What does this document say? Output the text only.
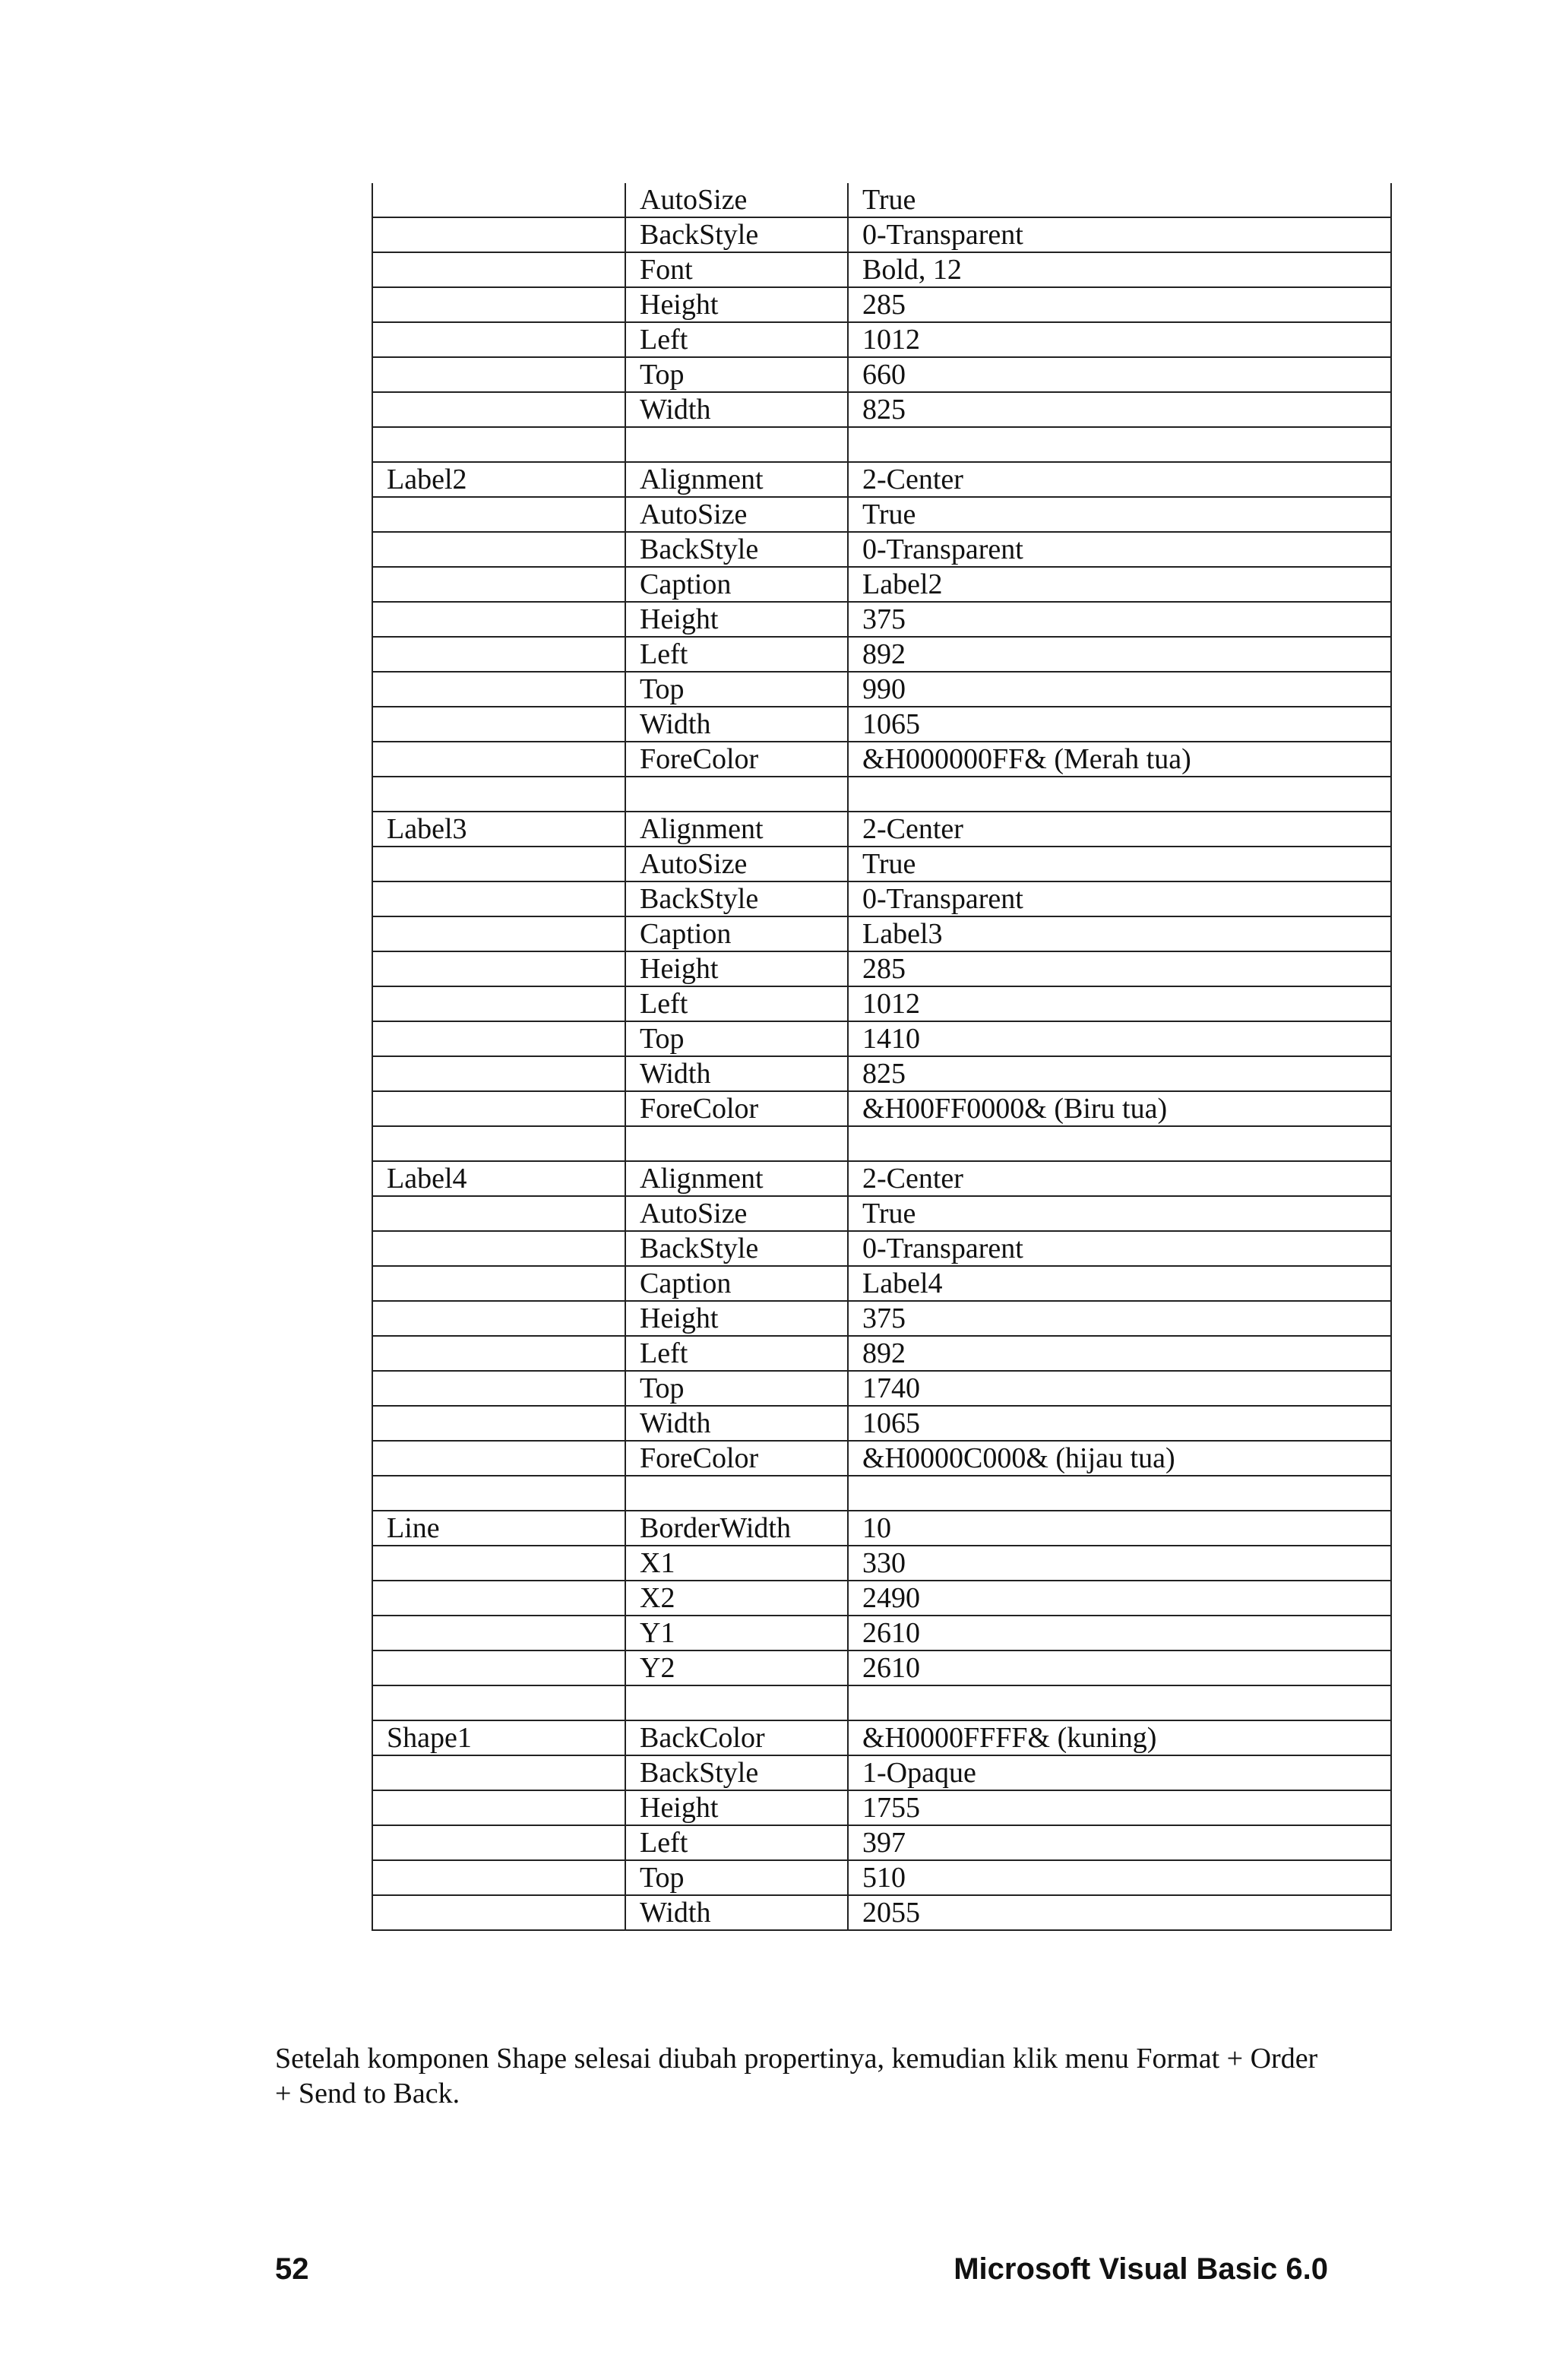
	AutoSize	True
	BackStyle	0-Transparent
	Font	Bold, 12
	Height	285
	Left	1012
	Top	660
	Width	825

Label2	Alignment	2-Center
	AutoSize	True
	BackStyle	0-Transparent
	Caption	Label2
	Height	375
	Left	892
	Top	990
	Width	1065
	ForeColor	&H000000FF& (Merah tua)

Label3	Alignment	2-Center
	AutoSize	True
	BackStyle	0-Transparent
	Caption	Label3
	Height	285
	Left	1012
	Top	1410
	Width	825
	ForeColor	&H00FF0000& (Biru tua)

Label4	Alignment	2-Center
	AutoSize	True
	BackStyle	0-Transparent
	Caption	Label4
	Height	375
	Left	892
	Top	1740
	Width	1065
	ForeColor	&H0000C000& (hijau tua)

Line	BorderWidth	10
	X1	330
	X2	2490
	Y1	2610
	Y2	2610

Shape1	BackColor	&H0000FFFF& (kuning)
	BackStyle	1-Opaque
	Height	1755
	Left	397
	Top	510
	Width	2055
Setelah komponen Shape selesai diubah propertinya, kemudian klik menu Format + Order + Send to Back.
52	Microsoft Visual Basic 6.0
